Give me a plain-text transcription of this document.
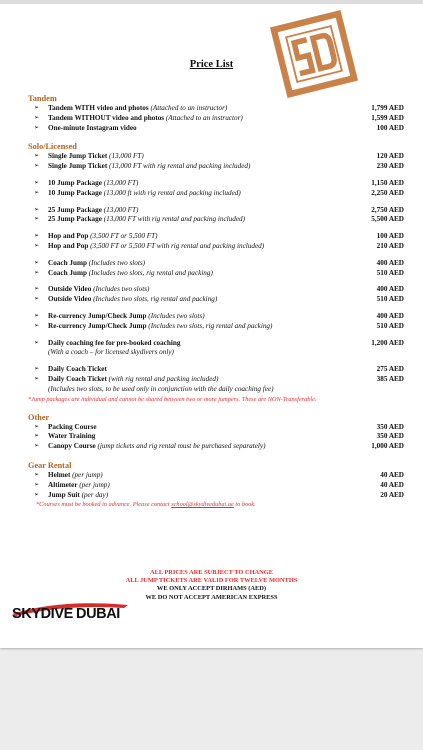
Price List
Tandem
➢	Tandem WITH video and photos (Attached to an instructor)	1,799 AED
➢	Tandem WITHOUT video and photos (Attached to an instructor)	1,599 AED
➢	One-minute Instagram video	100 AED
Solo/Licensed
➢	Single Jump Ticket (13,000 FT)	120 AED
➢	Single Jump Ticket (13,000 FT with rig rental and packing included)	230 AED
➢	10 Jump Package (13,000 FT)	1,150 AED
➢	10 Jump Package (13,000 ft with rig rental and packing included)	2,250 AED
➢	25 Jump Package (13,000 FT)	2,750 AED
➢	25 Jump Package (13,000 FT with rig rental and packing included)	5,500 AED
➢	Hop and Pop (3,500 FT or 5,500 FT)	100 AED
➢	Hop and Pop (3,500 FT or 5,500 FT with rig rental and packing included)	210 AED
➢	Coach Jump (Includes two slots)	400 AED
➢	Coach Jump (Includes two slots, rig rental and packing)	510 AED
➢	Outside Video (Includes two slots)	400 AED
➢	Outside Video (Includes two slots, rig rental and packing)	510 AED
➢	Re-currency Jump/Check Jump (Includes two slots)	400 AED
➢	Re-currency Jump/Check Jump (Includes two slots, rig rental and packing)	510 AED
➢	Daily coaching fee for pre-booked coaching	1,200 AED
(With a coach – for licensed skydivers only)
➢	Daily Coach Ticket	275 AED
➢	Daily Coach Ticket (with rig rental and packing included)	385 AED
(Includes two slots, to be used only in conjunction with the daily coaching fee)
*Jump packages are individual and cannot be shared between two or more jumpers. These are NON-Transferable.
Other
➢	Packing Course	350 AED
➢	Water Training	350 AED
➢	Canopy Course (jump tickets and rig rental must be purchased separately)	1,000 AED
Gear Rental
➢	Helmet (per jump)	40 AED
➢	Altimeter (per jump)	40 AED
➢	Jump Suit (per day)	20 AED
*Courses must be booked in advance. Please contact school@skydivedubai.ae to book.
ALL PRICES ARE SUBJECT TO CHANGE
ALL JUMP TICKETS ARE VALID FOR TWELVE MONTHS
WE ONLY ACCEPT DIRHAMS (AED)
WE DO NOT ACCEPT AMERICAN EXPRESS
SKYDIVE DUBAI
